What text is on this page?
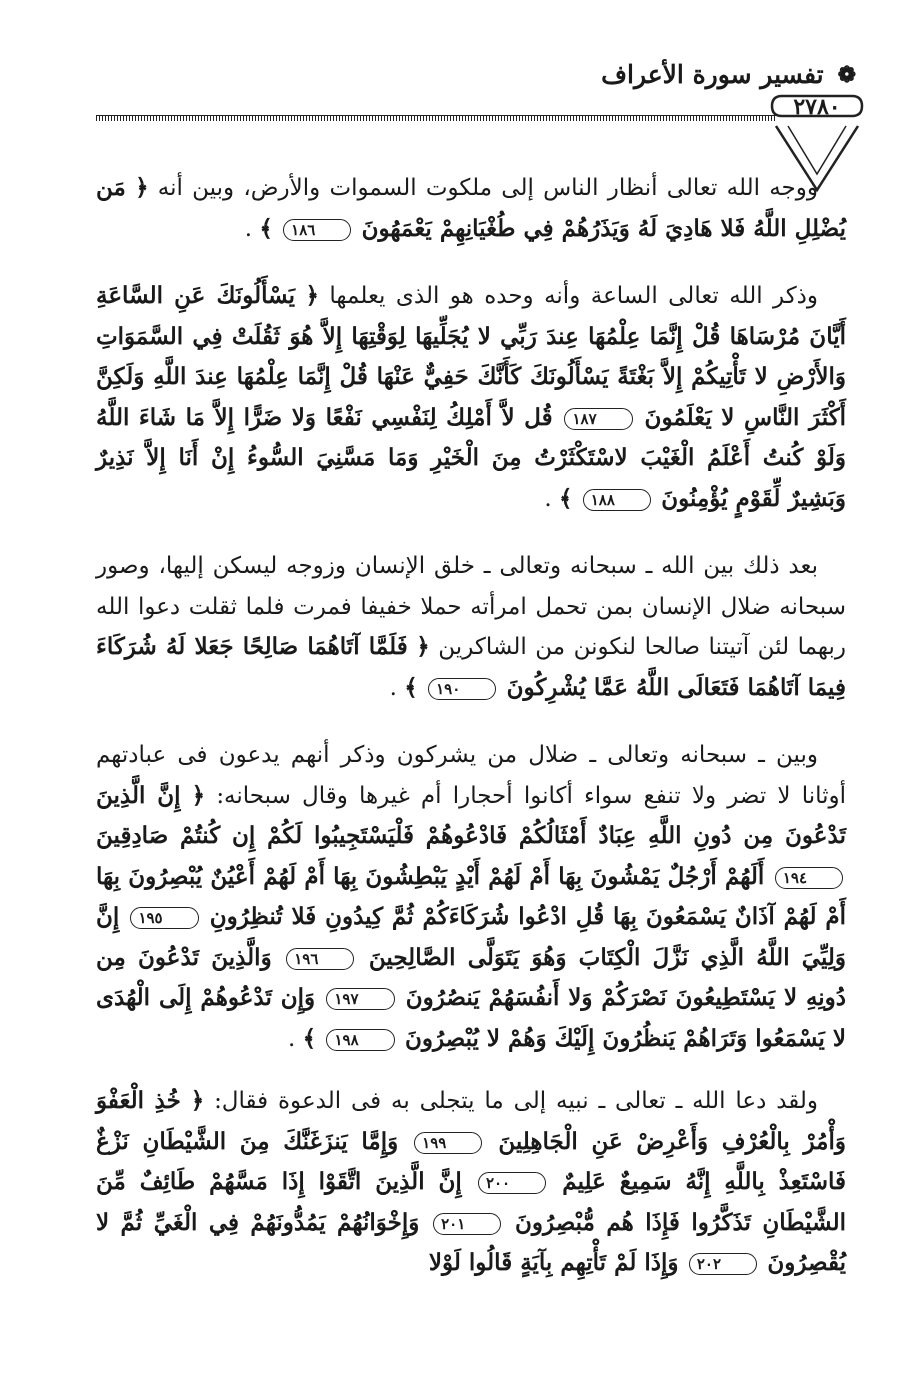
❁
تفسير سورة الأعراف
٢٧٨٠

ووجه الله تعالى أنظار الناس إلى ملكوت السموات والأرض، وبين أنه ﴿ مَن يُضْلِلِ اللَّهُ فَلا هَادِيَ لَهُ وَيَذَرُهُمْ فِي طُغْيَانِهِمْ يَعْمَهُونَ ١٨٦ ﴾ .

وذكر الله تعالى الساعة وأنه وحده هو الذى يعلمها ﴿ يَسْأَلُونَكَ عَنِ السَّاعَةِ أَيَّانَ مُرْسَاهَا قُلْ إِنَّمَا عِلْمُهَا عِندَ رَبِّي لا يُجَلِّيهَا لِوَقْتِهَا إِلاَّ هُوَ ثَقُلَتْ فِي السَّمَوَاتِ وَالأَرْضِ لا تَأْتِيكُمْ إِلاَّ بَغْتَةً يَسْأَلُونَكَ كَأَنَّكَ حَفِيٌّ عَنْهَا قُلْ إِنَّمَا عِلْمُهَا عِندَ اللَّهِ وَلَكِنَّ أَكْثَرَ النَّاسِ لا يَعْلَمُونَ ١٨٧ قُل لاَّ أَمْلِكُ لِنَفْسِي نَفْعًا وَلا ضَرًّا إِلاَّ مَا شَاءَ اللَّهُ وَلَوْ كُنتُ أَعْلَمُ الْغَيْبَ لاسْتَكْثَرْتُ مِنَ الْخَيْرِ وَمَا مَسَّنِيَ السُّوءُ إِنْ أَنَا إِلاَّ نَذِيرٌ وَبَشِيرٌ لِّقَوْمٍ يُؤْمِنُونَ ١٨٨ ﴾ .

بعد ذلك بين الله ـ سبحانه وتعالى ـ خلق الإنسان وزوجه ليسكن إليها، وصور سبحانه ضلال الإنسان بمن تحمل امرأته حملا خفيفا فمرت فلما ثقلت دعوا الله ربهما لئن آتيتنا صالحا لنكونن من الشاكرين ﴿ فَلَمَّا آتَاهُمَا صَالِحًا جَعَلا لَهُ شُرَكَاءَ فِيمَا آتَاهُمَا فَتَعَالَى اللَّهُ عَمَّا يُشْرِكُونَ ١٩٠ ﴾ .

وبين ـ سبحانه وتعالى ـ ضلال من يشركون وذكر أنهم يدعون فى عبادتهم أوثانا لا تضر ولا تنفع سواء أكانوا أحجارا أم غيرها وقال سبحانه: ﴿ إِنَّ الَّذِينَ تَدْعُونَ مِن دُونِ اللَّهِ عِبَادٌ أَمْثَالُكُمْ فَادْعُوهُمْ فَلْيَسْتَجِيبُوا لَكُمْ إِن كُنتُمْ صَادِقِينَ ١٩٤ أَلَهُمْ أَرْجُلٌ يَمْشُونَ بِهَا أَمْ لَهُمْ أَيْدٍ يَبْطِشُونَ بِهَا أَمْ لَهُمْ أَعْيُنٌ يُبْصِرُونَ بِهَا أَمْ لَهُمْ آذَانٌ يَسْمَعُونَ بِهَا قُلِ ادْعُوا شُرَكَاءَكُمْ ثُمَّ كِيدُونِ فَلا تُنظِرُونِ ١٩٥ إِنَّ وَلِيِّيَ اللَّهُ الَّذِي نَزَّلَ الْكِتَابَ وَهُوَ يَتَوَلَّى الصَّالِحِينَ ١٩٦ وَالَّذِينَ تَدْعُونَ مِن دُونِهِ لا يَسْتَطِيعُونَ نَصْرَكُمْ وَلا أَنفُسَهُمْ يَنصُرُونَ ١٩٧ وَإِن تَدْعُوهُمْ إِلَى الْهُدَى لا يَسْمَعُوا وَتَرَاهُمْ يَنظُرُونَ إِلَيْكَ وَهُمْ لا يُبْصِرُونَ ١٩٨ ﴾ .

ولقد دعا الله ـ تعالى ـ نبيه إلى ما يتجلى به فى الدعوة فقال: ﴿ خُذِ الْعَفْوَ وَأْمُرْ بِالْعُرْفِ وَأَعْرِضْ عَنِ الْجَاهِلِينَ ١٩٩ وَإِمَّا يَنزَغَنَّكَ مِنَ الشَّيْطَانِ نَزْغٌ فَاسْتَعِذْ بِاللَّهِ إِنَّهُ سَمِيعٌ عَلِيمٌ ٢٠٠ إِنَّ الَّذِينَ اتَّقَوْا إِذَا مَسَّهُمْ طَائِفٌ مِّنَ الشَّيْطَانِ تَذَكَّرُوا فَإِذَا هُم مُّبْصِرُونَ ٢٠١ وَإِخْوَانُهُمْ يَمُدُّونَهُمْ فِي الْغَيِّ ثُمَّ لا يُقْصِرُونَ ٢٠٢ وَإِذَا لَمْ تَأْتِهِم بِآيَةٍ قَالُوا لَوْلا
